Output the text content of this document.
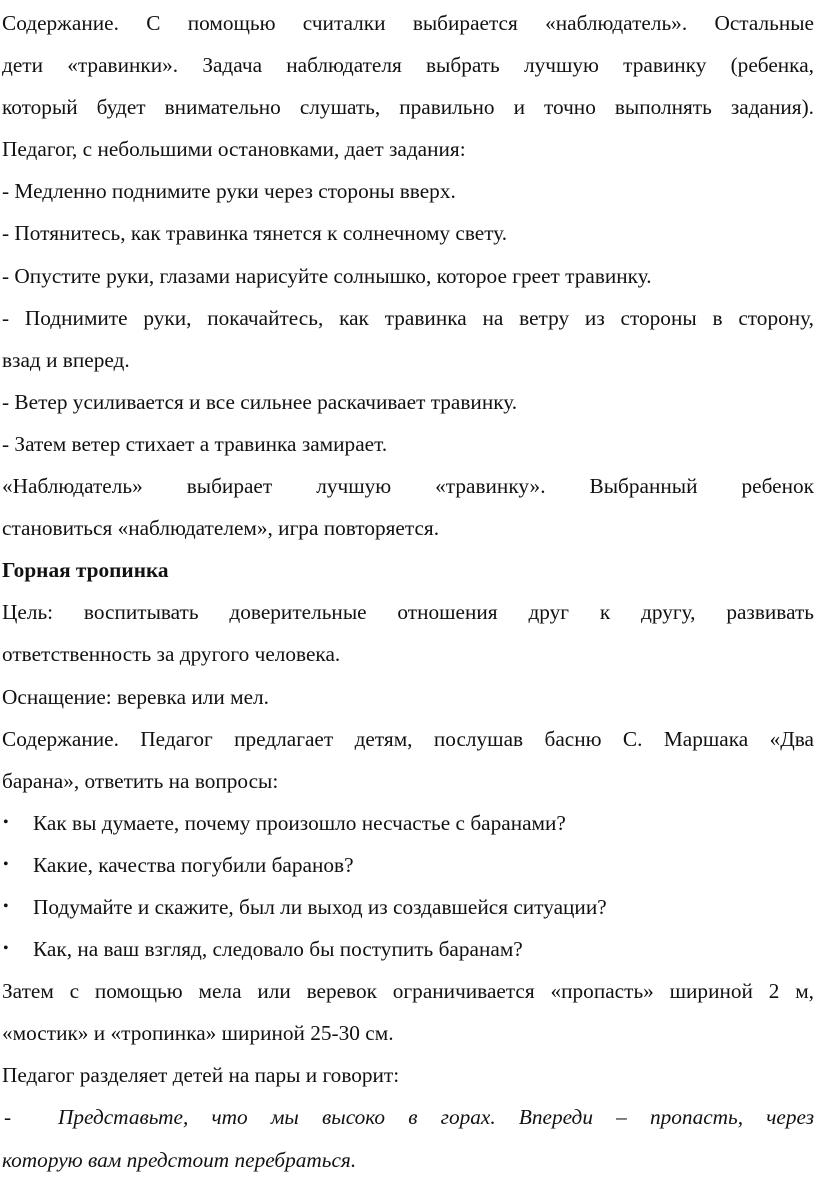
Содержание. С помощью считалки выбирается «наблюдатель». Остальные
дети «травинки». Задача наблюдателя выбрать лучшую травинку (ребенка,
который будет внимательно слушать, правильно и точно выполнять задания).
Педагог, с небольшими остановками, дает задания:
- Медленно поднимите руки через стороны вверх.
- Потянитесь, как травинка тянется к солнечному свету.
- Опустите руки, глазами нарисуйте солнышко, которое греет травинку.
- Поднимите руки, покачайтесь, как травинка на ветру из стороны в сторону,
взад и вперед.
- Ветер усиливается и все сильнее раскачивает травинку.
- Затем ветер стихает а травинка замирает.
«Наблюдатель» выбирает лучшую «травинку». Выбранный ребенок
становиться «наблюдателем», игра повторяется.
Горная тропинка
Цель: воспитывать доверительные отношения друг к другу, развивать
ответственность за другого человека.
Оснащение: веревка или мел.
Содержание. Педагог предлагает детям, послушав басню С. Маршака «Два
барана», ответить на вопросы:
•	Как вы думаете, почему произошло несчастье с баранами?
•	Какие, качества погубили баранов?
•	Подумайте и скажите, был ли выход из создавшейся ситуации?
•	Как, на ваш взгляд, следовало бы поступить баранам?
Затем с помощью мела или веревок ограничивается «пропасть» шириной 2 м,
«мостик» и «тропинка» шириной 25-30 см.
Педагог разделяет детей на пары и говорит:
- Представьте, что мы высоко в горах. Впереди – пропасть, через
которую вам предстоит перебраться.
